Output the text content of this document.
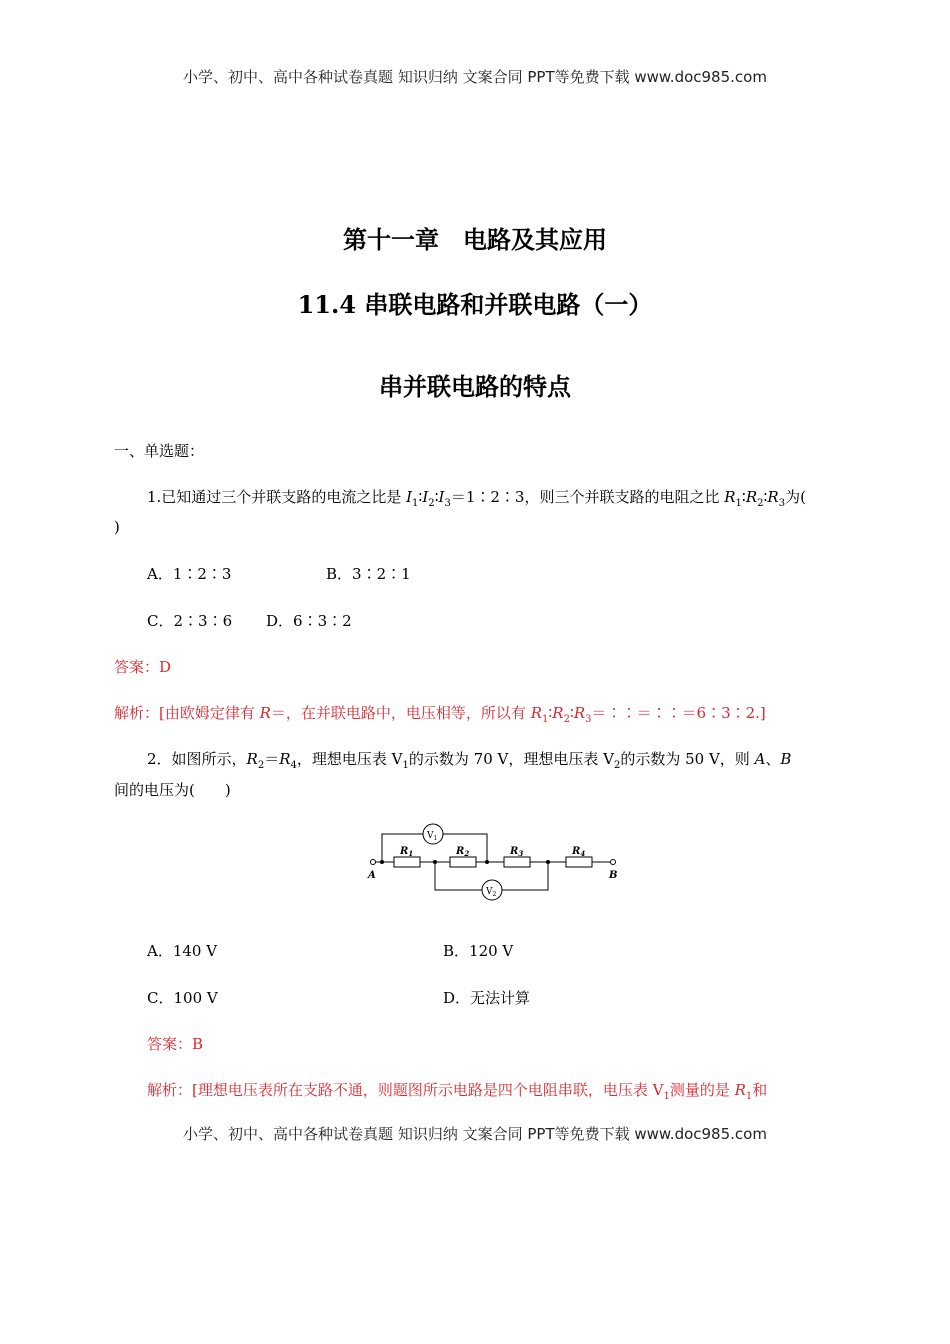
小学、初中、高中各种试卷真题 知识归纳 文案合同 PPT等免费下载 www.doc985.com
第十一章　电路及其应用
11.4 串联电路和并联电路（一）
串并联电路的特点
一、单选题：
1.已知通过三个并联支路的电流之比是 $I_1∶I_2∶I_3=1∶2∶3$，则三个并联支路的电阻之比 $R_1∶R_2∶R_3$为(
)
A．1∶2∶3	B．3∶2∶1
C．2∶3∶6 D．6∶3∶2
答案：D
解析：[由欧姆定律有 R＝，在并联电路中，电压相等，所以有 $R_1∶R_2∶R_3=∶∶=∶∶=6∶3∶2$.]
2．如图所示，$R_2=R_4$，理想电压表 $V_1$的示数为 70 V，理想电压表 $V_2$的示数为 50 V，则 A、B
间的电压为(　　)
$R_1$	$R_2$	$R_3$	$R_4$
A	B
$V_1$
$V_2$
A．140 V	B．120 V
C．100 V	D．无法计算
答案：B
解析：[理想电压表所在支路不通，则题图所示电路是四个电阻串联，电压表 $V_1$测量的是 $R_1$和
小学、初中、高中各种试卷真题 知识归纳 文案合同 PPT等免费下载 www.doc985.com
